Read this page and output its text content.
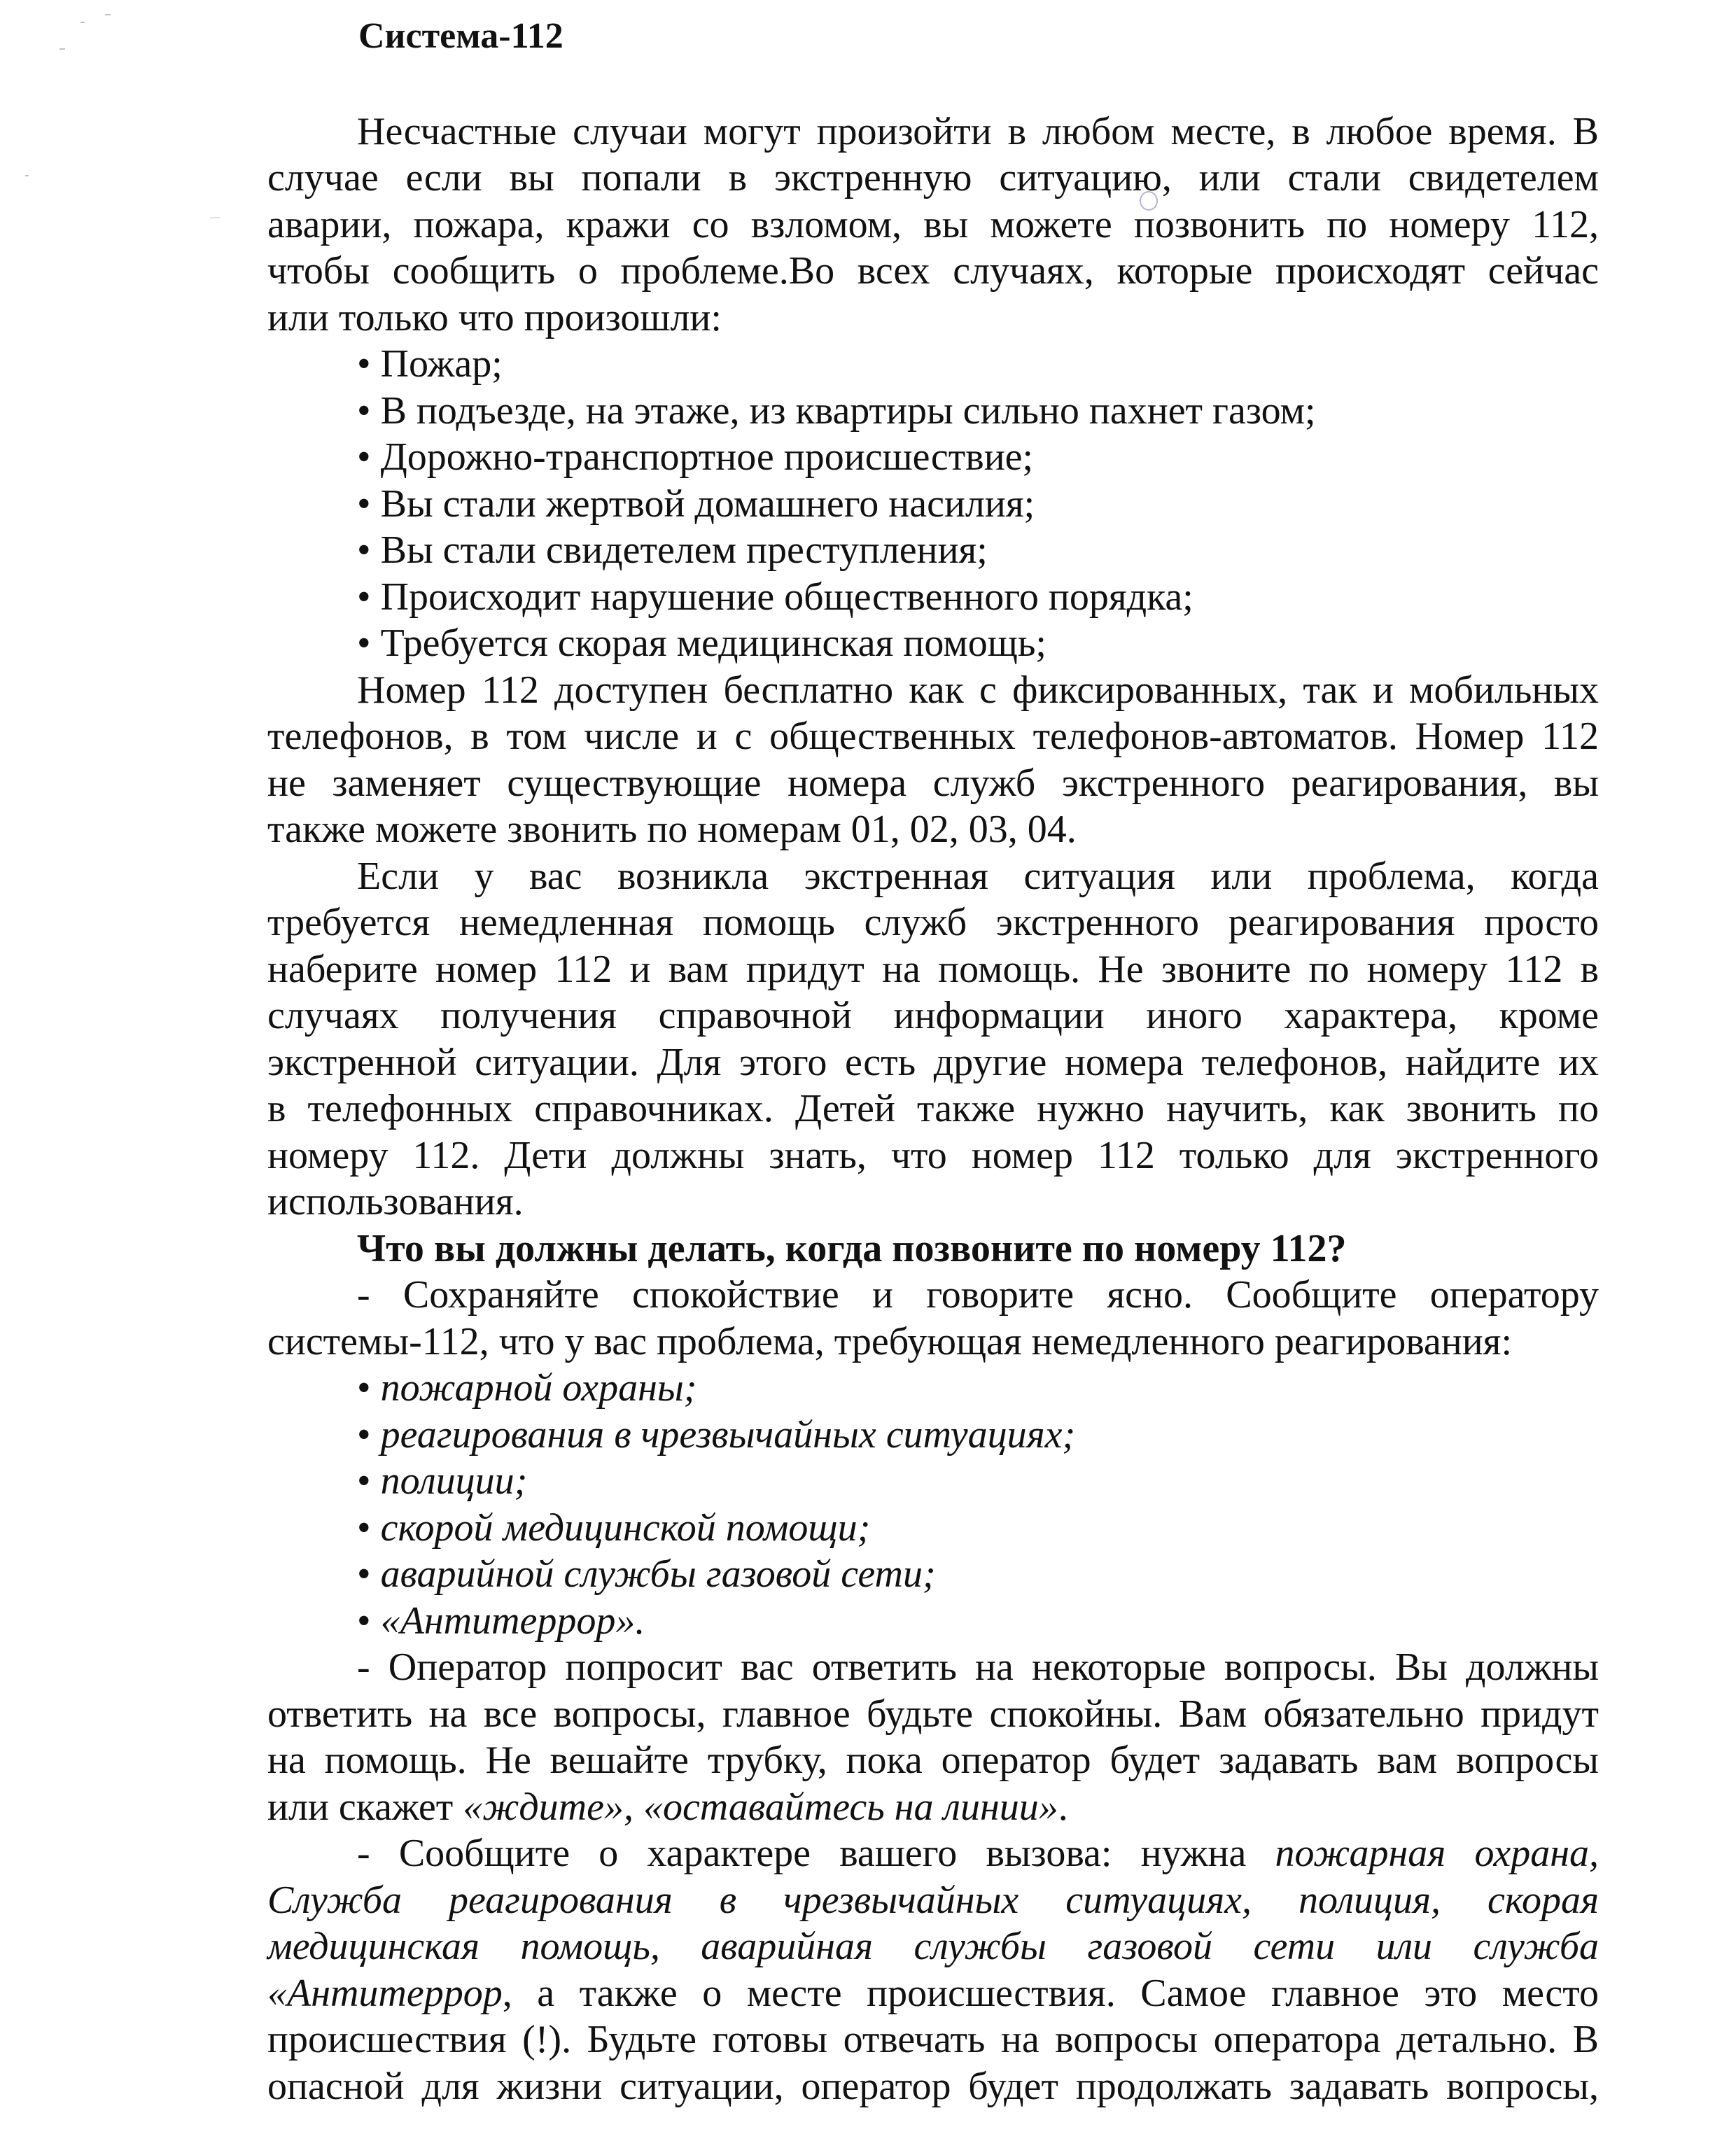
Система-112
Несчастные случаи могут произойти в любом месте, в любое время. В
случае если вы попали в экстренную ситуацию, или стали свидетелем
аварии, пожара, кражи со взломом, вы можете позвонить по номеру 112,
чтобы сообщить о проблеме.Во всех случаях, которые происходят сейчас
или только что произошли:
• Пожар;
• В подъезде, на этаже, из квартиры сильно пахнет газом;
• Дорожно-транспортное происшествие;
• Вы стали жертвой домашнего насилия;
• Вы стали свидетелем преступления;
• Происходит нарушение общественного порядка;
• Требуется скорая медицинская помощь;
Номер 112 доступен бесплатно как с фиксированных, так и мобильных
телефонов, в том числе и с общественных телефонов-автоматов. Номер 112
не заменяет существующие номера служб экстренного реагирования, вы
также можете звонить по номерам 01, 02, 03, 04.
Если у вас возникла экстренная ситуация или проблема, когда
требуется немедленная помощь служб экстренного реагирования просто
наберите номер 112 и вам придут на помощь. Не звоните по номеру 112 в
случаях получения справочной информации иного характера, кроме
экстренной ситуации. Для этого есть другие номера телефонов, найдите их
в телефонных справочниках. Детей также нужно научить, как звонить по
номеру 112. Дети должны знать, что номер 112 только для экстренного
использования.
Что вы должны делать, когда позвоните по номеру 112?
- Сохраняйте спокойствие и говорите ясно. Сообщите оператору
системы-112, что у вас проблема, требующая немедленного реагирования:
• пожарной охраны;
• реагирования в чрезвычайных ситуациях;
• полиции;
• скорой медицинской помощи;
• аварийной службы газовой сети;
• «Антитеррор».
- Оператор попросит вас ответить на некоторые вопросы. Вы должны
ответить на все вопросы, главное будьте спокойны. Вам обязательно придут
на помощь. Не вешайте трубку, пока оператор будет задавать вам вопросы
или скажет «ждите», «оставайтесь на линии».
- Сообщите о характере вашего вызова: нужна пожарная охрана,
Служба реагирования в чрезвычайных ситуациях, полиция, скорая
медицинская помощь, аварийная службы газовой сети или служба
«Антитеррор, а также о месте происшествия. Самое главное это место
происшествия (!). Будьте готовы отвечать на вопросы оператора детально. В
опасной для жизни ситуации, оператор будет продолжать задавать вопросы,
